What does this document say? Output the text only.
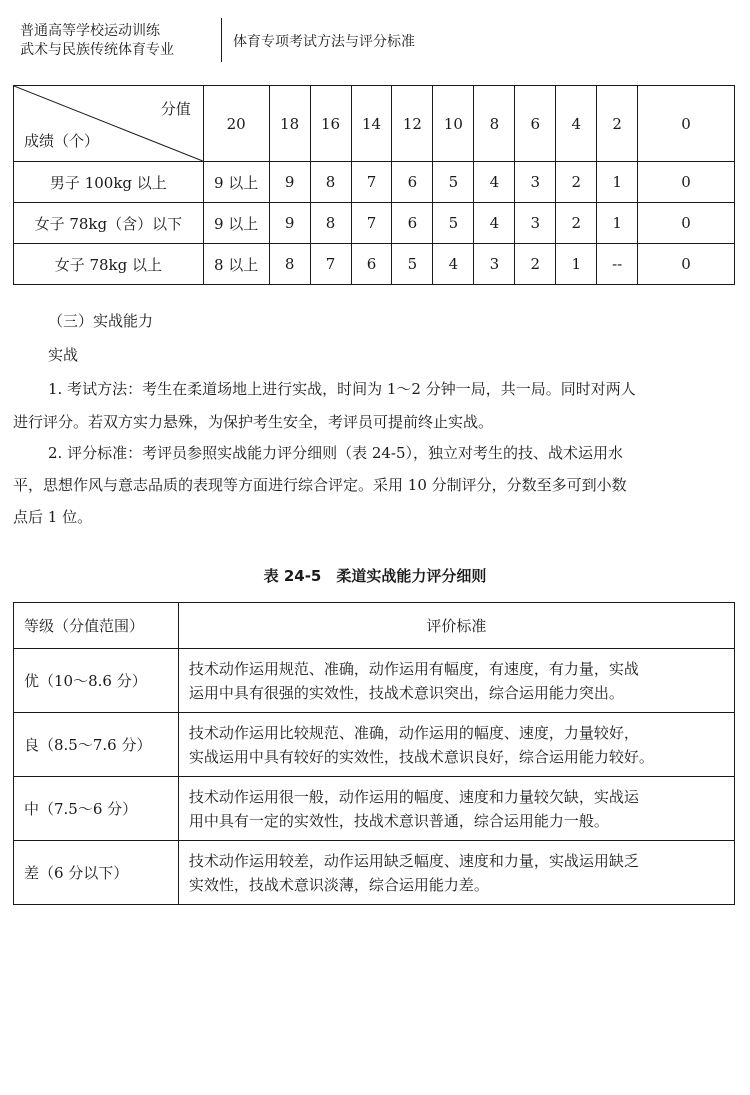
普通高等学校运动训练
武术与民族传统体育专业	体育专项考试方法与评分标准
分值
成绩（个）	20	18	16	14	12	10	8	6	4	2	0
男子 100kg 以上	9 以上	9	8	7	6	5	4	3	2	1	0
女子 78kg（含）以下	9 以上	9	8	7	6	5	4	3	2	1	0
女子 78kg 以上	8 以上	8	7	6	5	4	3	2	1	--	0
（三）实战能力
实战
1. 考试方法：考生在柔道场地上进行实战，时间为 1～2 分钟一局，共一局。同时对两人
进行评分。若双方实力悬殊，为保护考生安全，考评员可提前终止实战。
2. 评分标准：考评员参照实战能力评分细则（表 24-5），独立对考生的技、战术运用水
平，思想作风与意志品质的表现等方面进行综合评定。采用 10 分制评分，分数至多可到小数
点后 1 位。
表 24-5　柔道实战能力评分细则
等级（分值范围）	评价标准
优（10～8.6 分）	技术动作运用规范、准确，动作运用有幅度，有速度，有力量，实战
运用中具有很强的实效性，技战术意识突出，综合运用能力突出。

良（8.5～7.6 分）	技术动作运用比较规范、准确，动作运用的幅度、速度，力量较好，
实战运用中具有较好的实效性，技战术意识良好，综合运用能力较好。

中（7.5～6 分）	技术动作运用很一般，动作运用的幅度、速度和力量较欠缺，实战运
用中具有一定的实效性，技战术意识普通，综合运用能力一般。

差（6 分以下）	技术动作运用较差，动作运用缺乏幅度、速度和力量，实战运用缺乏
实效性，技战术意识淡薄，综合运用能力差。
